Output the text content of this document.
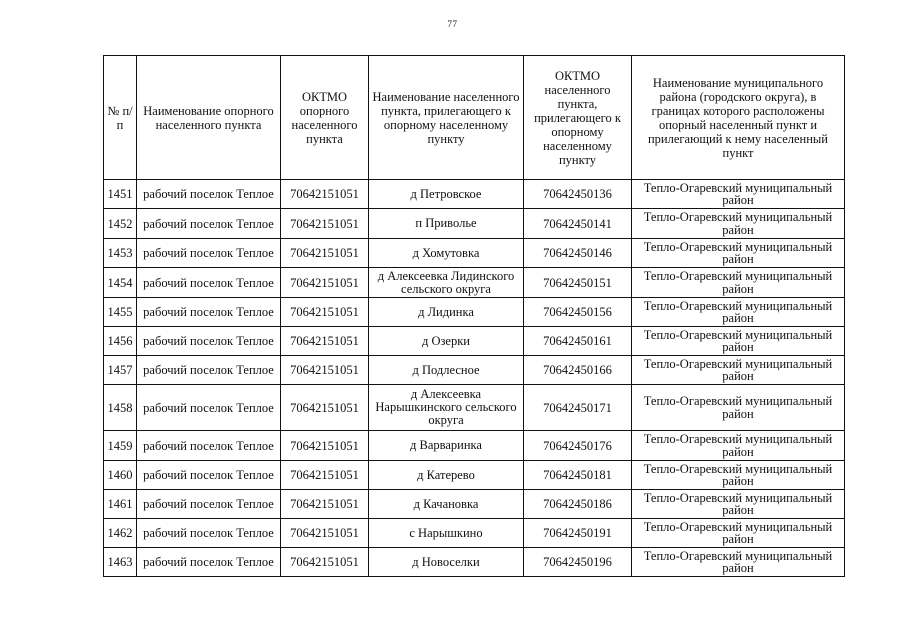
77
№ п/п	Наименование опорного населенного пункта	ОКТМО опорного населенного пункта	Наименование населенного пункта, прилегающего к опорному населенному пункту	ОКТМО населенного пункта, прилегающего к опорному населенному пункту	Наименование муниципального района (городского округа), в границах которого расположены опорный населенный пункт и прилегающий к нему населенный пункт
1451	рабочий поселок Теплое	70642151051	д Петровское	70642450136	Тепло-Огаревский муниципальный район
1452	рабочий поселок Теплое	70642151051	п Приволье	70642450141	Тепло-Огаревский муниципальный район
1453	рабочий поселок Теплое	70642151051	д Хомутовка	70642450146	Тепло-Огаревский муниципальный район
1454	рабочий поселок Теплое	70642151051	д Алексеевка Лидинского сельского округа	70642450151	Тепло-Огаревский муниципальный район
1455	рабочий поселок Теплое	70642151051	д Лидинка	70642450156	Тепло-Огаревский муниципальный район
1456	рабочий поселок Теплое	70642151051	д Озерки	70642450161	Тепло-Огаревский муниципальный район
1457	рабочий поселок Теплое	70642151051	д Подлесное	70642450166	Тепло-Огаревский муниципальный район
1458	рабочий поселок Теплое	70642151051	д Алексеевка Нарышкинского сельского округа	70642450171	Тепло-Огаревский муниципальный район
1459	рабочий поселок Теплое	70642151051	д Варваринка	70642450176	Тепло-Огаревский муниципальный район
1460	рабочий поселок Теплое	70642151051	д Катерево	70642450181	Тепло-Огаревский муниципальный район
1461	рабочий поселок Теплое	70642151051	д Качановка	70642450186	Тепло-Огаревский муниципальный район
1462	рабочий поселок Теплое	70642151051	с Нарышкино	70642450191	Тепло-Огаревский муниципальный район
1463	рабочий поселок Теплое	70642151051	д Новоселки	70642450196	Тепло-Огаревский муниципальный район
